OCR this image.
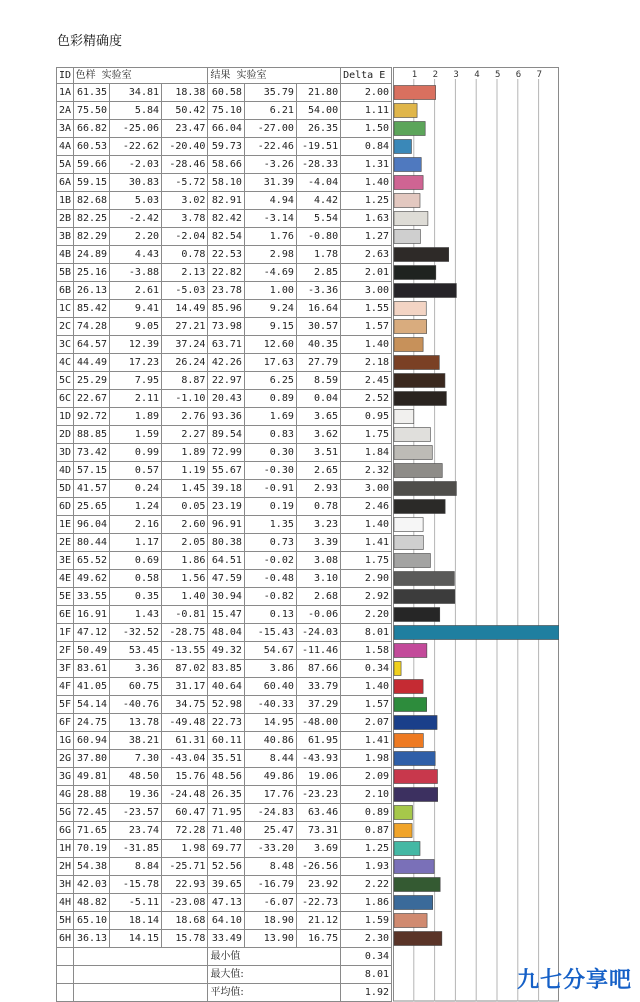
色彩精确度
ID	色样 实验室			结果 实验室			Delta E
1A	61.35	34.81	18.38	60.58	35.79	21.80	2.00
2A	75.50	5.84	50.42	75.10	6.21	54.00	1.11
3A	66.82	-25.06	23.47	66.04	-27.00	26.35	1.50
4A	60.53	-22.62	-20.40	59.73	-22.46	-19.51	0.84
5A	59.66	-2.03	-28.46	58.66	-3.26	-28.33	1.31
6A	59.15	30.83	-5.72	58.10	31.39	-4.04	1.40
1B	82.68	5.03	3.02	82.91	4.94	4.42	1.25
2B	82.25	-2.42	3.78	82.42	-3.14	5.54	1.63
3B	82.29	2.20	-2.04	82.54	1.76	-0.80	1.27
4B	24.89	4.43	0.78	22.53	2.98	1.78	2.63
5B	25.16	-3.88	2.13	22.82	-4.69	2.85	2.01
6B	26.13	2.61	-5.03	23.78	1.00	-3.36	3.00
1C	85.42	9.41	14.49	85.96	9.24	16.64	1.55
2C	74.28	9.05	27.21	73.98	9.15	30.57	1.57
3C	64.57	12.39	37.24	63.71	12.60	40.35	1.40
4C	44.49	17.23	26.24	42.26	17.63	27.79	2.18
5C	25.29	7.95	8.87	22.97	6.25	8.59	2.45
6C	22.67	2.11	-1.10	20.43	0.89	0.04	2.52
1D	92.72	1.89	2.76	93.36	1.69	3.65	0.95
2D	88.85	1.59	2.27	89.54	0.83	3.62	1.75
3D	73.42	0.99	1.89	72.99	0.30	3.51	1.84
4D	57.15	0.57	1.19	55.67	-0.30	2.65	2.32
5D	41.57	0.24	1.45	39.18	-0.91	2.93	3.00
6D	25.65	1.24	0.05	23.19	0.19	0.78	2.46
1E	96.04	2.16	2.60	96.91	1.35	3.23	1.40
2E	80.44	1.17	2.05	80.38	0.73	3.39	1.41
3E	65.52	0.69	1.86	64.51	-0.02	3.08	1.75
4E	49.62	0.58	1.56	47.59	-0.48	3.10	2.90
5E	33.55	0.35	1.40	30.94	-0.82	2.68	2.92
6E	16.91	1.43	-0.81	15.47	0.13	-0.06	2.20
1F	47.12	-32.52	-28.75	48.04	-15.43	-24.03	8.01
2F	50.49	53.45	-13.55	49.32	54.67	-11.46	1.58
3F	83.61	3.36	87.02	83.85	3.86	87.66	0.34
4F	41.05	60.75	31.17	40.64	60.40	33.79	1.40
5F	54.14	-40.76	34.75	52.98	-40.33	37.29	1.57
6F	24.75	13.78	-49.48	22.73	14.95	-48.00	2.07
1G	60.94	38.21	61.31	60.11	40.86	61.95	1.41
2G	37.80	7.30	-43.04	35.51	8.44	-43.93	1.98
3G	49.81	48.50	15.76	48.56	49.86	19.06	2.09
4G	28.88	19.36	-24.48	26.35	17.76	-23.23	2.10
5G	72.45	-23.57	60.47	71.95	-24.83	63.46	0.89
6G	71.65	23.74	72.28	71.40	25.47	73.31	0.87
1H	70.19	-31.85	1.98	69.77	-33.20	3.69	1.25
2H	54.38	8.84	-25.71	52.56	8.48	-26.56	1.93
3H	42.03	-15.78	22.93	39.65	-16.79	23.92	2.22
4H	48.82	-5.11	-23.08	47.13	-6.07	-22.73	1.86
5H	65.10	18.14	18.68	64.10	18.90	21.12	1.59
6H	36.13	14.15	15.78	33.49	13.90	16.75	2.30
				最小值			0.34
				最大值:			8.01
				平均值:			1.92
1 2 3 4 5 6 7
九七分享吧
